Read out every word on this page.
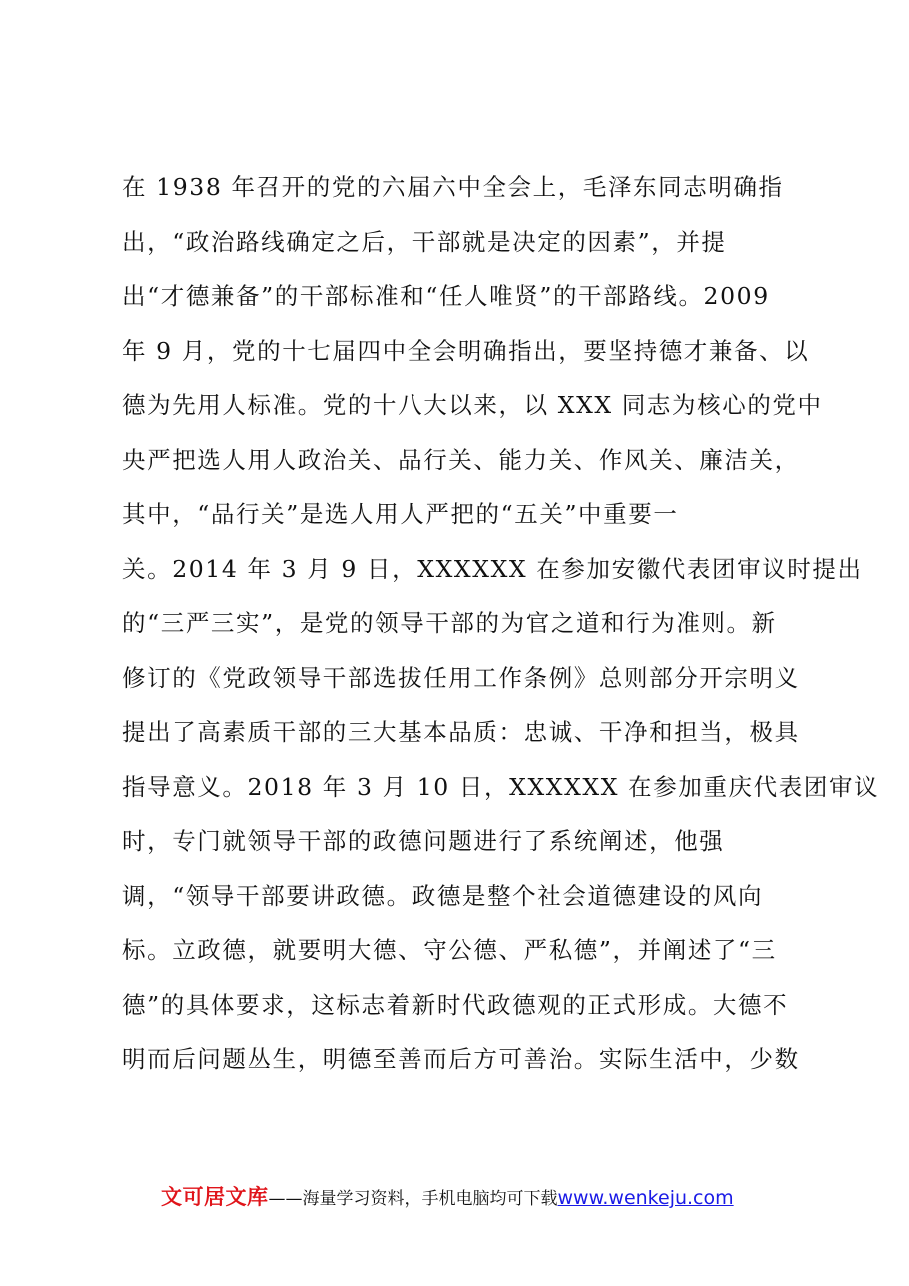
在 1938 年召开的党的六届六中全会上，毛泽东同志明确指
出，“政治路线确定之后，干部就是决定的因素”，并提
出“才德兼备”的干部标准和“任人唯贤”的干部路线。2009
年 9 月，党的十七届四中全会明确指出，要坚持德才兼备、以
德为先用人标准。党的十八大以来，以 XXX 同志为核心的党中
央严把选人用人政治关、品行关、能力关、作风关、廉洁关，
其中，“品行关”是选人用人严把的“五关”中重要一
关。2014 年 3 月 9 日，XXXXXX 在参加安徽代表团审议时提出
的“三严三实”，是党的领导干部的为官之道和行为准则。新
修订的《党政领导干部选拔任用工作条例》总则部分开宗明义
提出了高素质干部的三大基本品质：忠诚、干净和担当，极具
指导意义。2018 年 3 月 10 日，XXXXXX 在参加重庆代表团审议
时，专门就领导干部的政德问题进行了系统阐述，他强
调，“领导干部要讲政德。政德是整个社会道德建设的风向
标。立政德，就要明大德、守公德、严私德”，并阐述了“三
德”的具体要求，这标志着新时代政德观的正式形成。大德不
明而后问题丛生，明德至善而后方可善治。实际生活中，少数
文可居文库——海量学习资料，手机电脑均可下载www.wenkeju.com
